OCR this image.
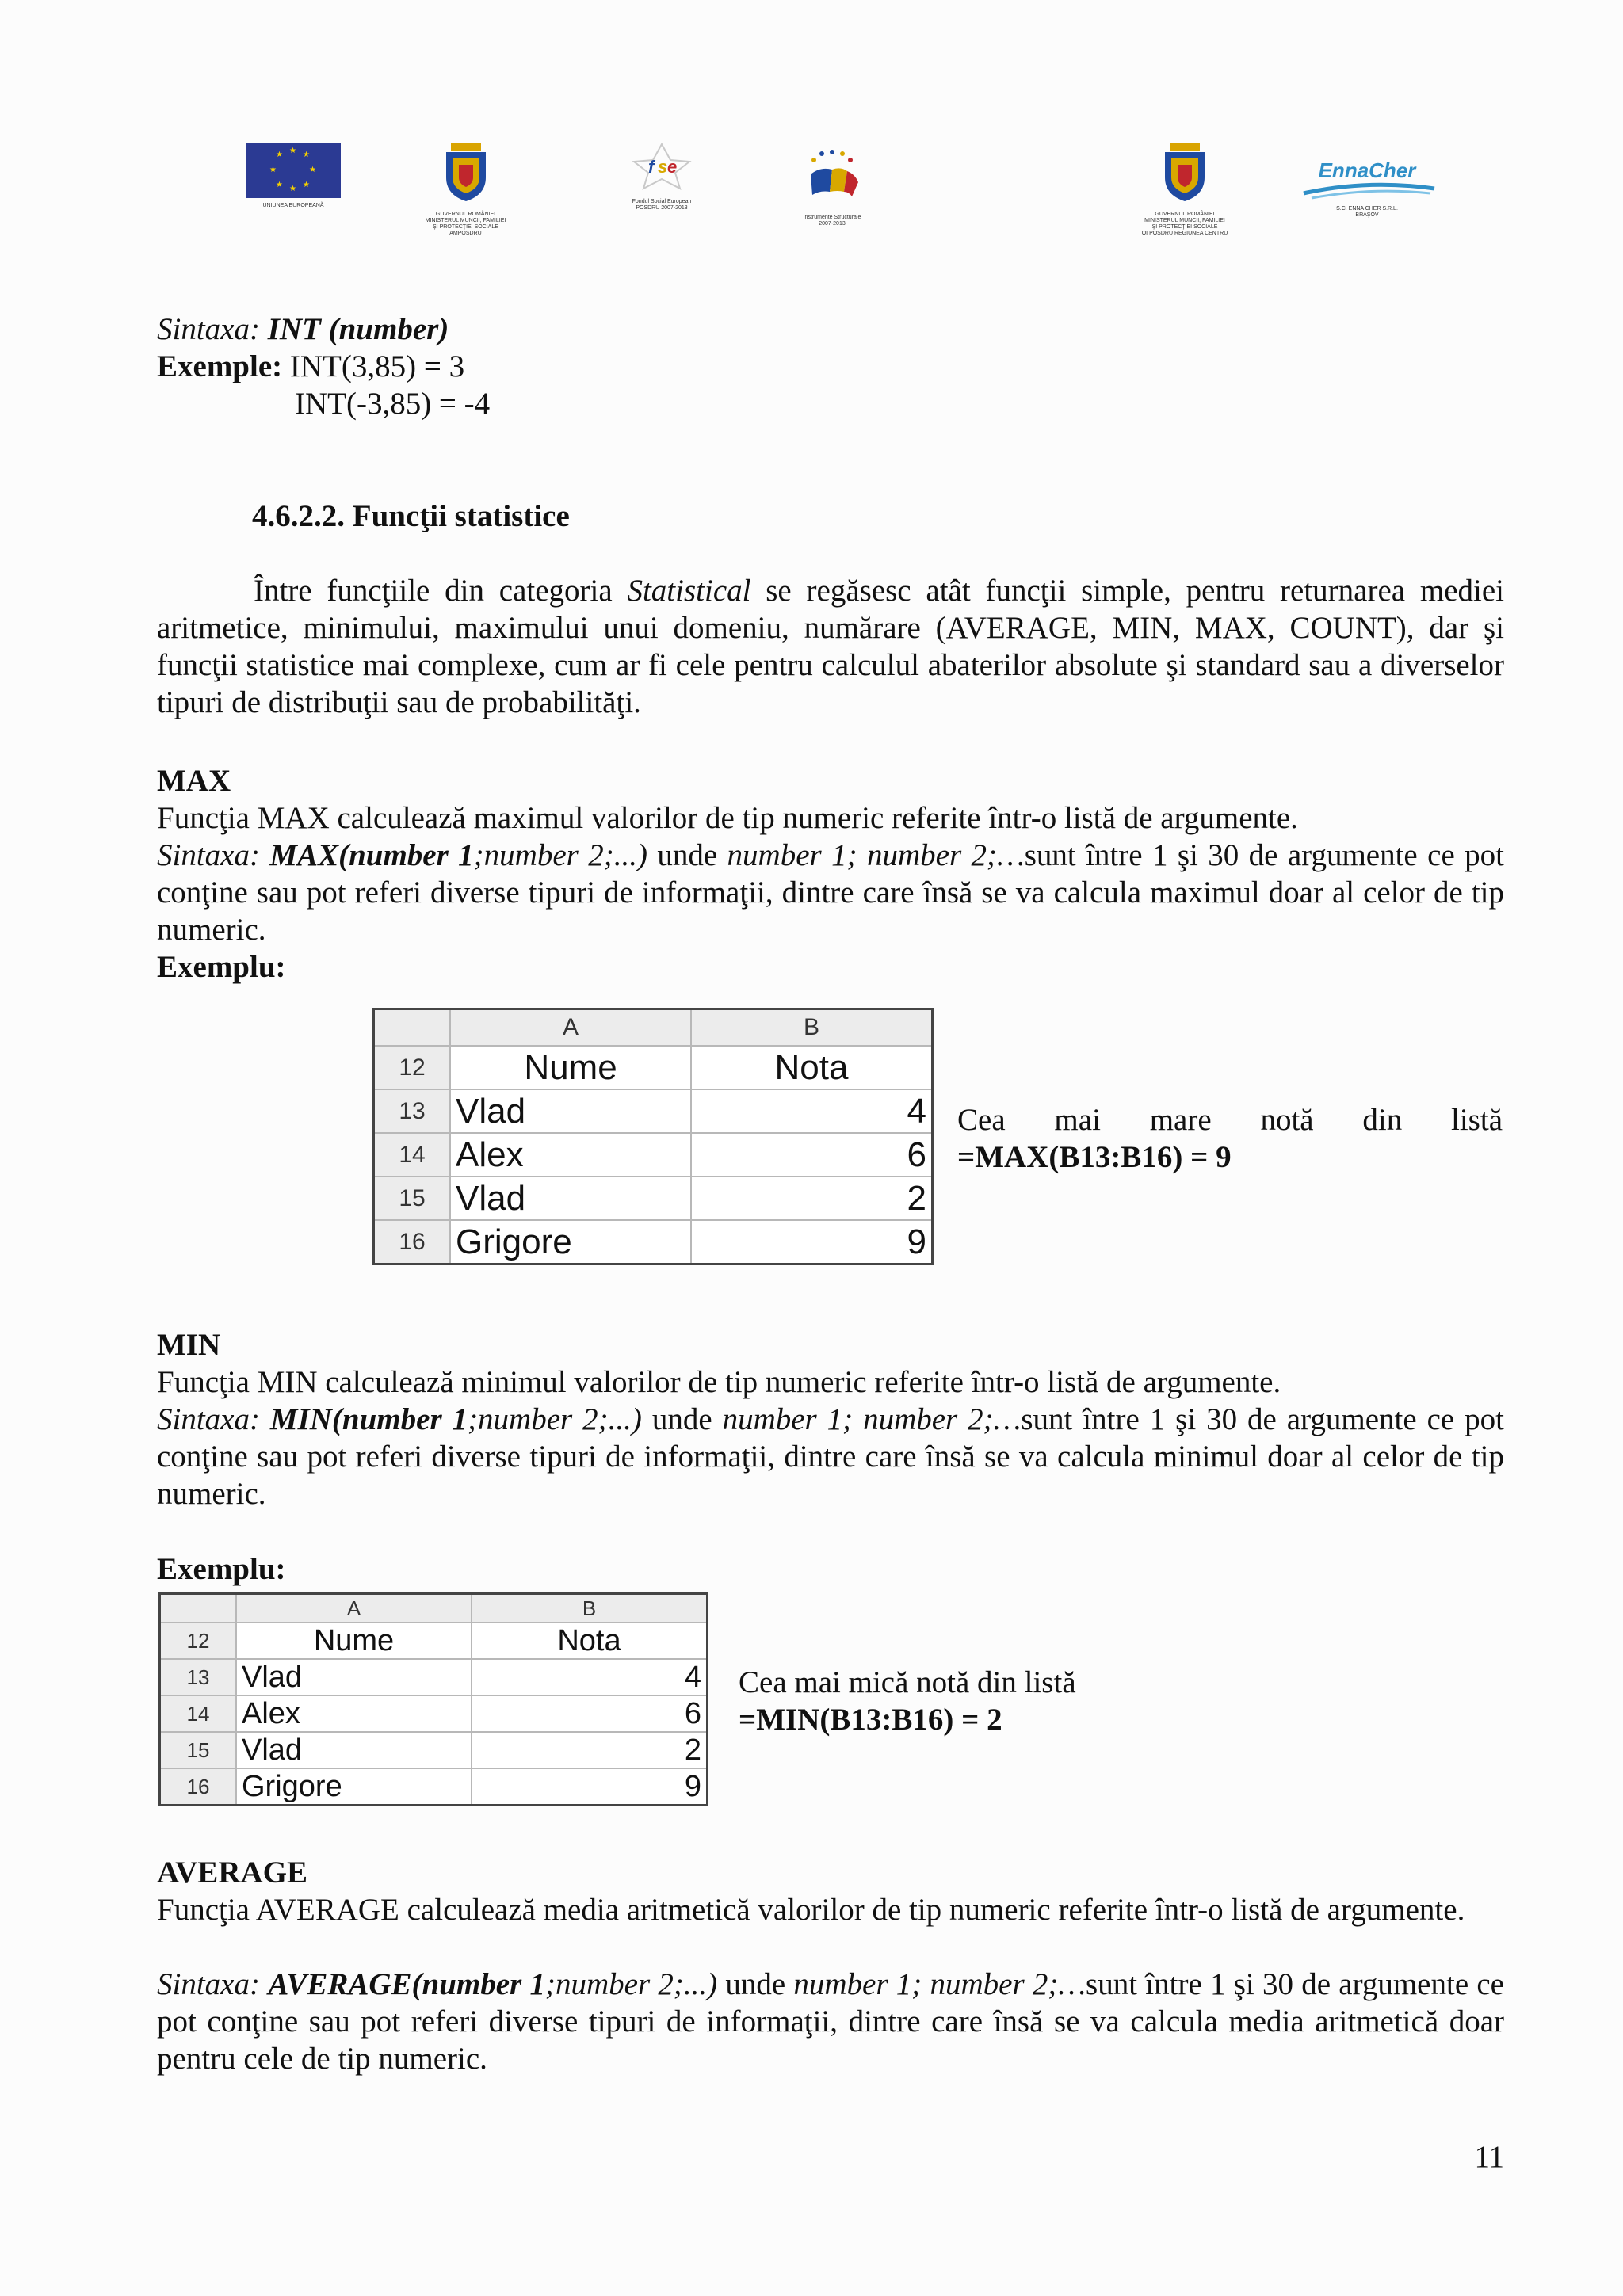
★ ★
★
★
★
★
★
★
UNIUNEA EUROPEANĂ
GUVERNUL ROMÂNIEI
MINISTERUL MUNCII, FAMILIEI
ŞI PROTECŢIEI SOCIALE
AMPOSDRU
f s e
Fondul Social European
POSDRU 2007-2013
Instrumente Structurale
2007-2013
GUVERNUL ROMÂNIEI
MINISTERUL MUNCII, FAMILIEI
ŞI PROTECŢIEI SOCIALE
OI POSDRU REGIUNEA CENTRU
EnnaCher
S.C. ENNA CHER S.R.L.
BRAŞOV

Sintaxa: INT (number)

Exemple: INT(3,85) = 3

INT(-3,85) = -4

4.6.2.2. Funcţii statistice

Între funcţiile din categoria Statistical se regăsesc atât funcţii simple, pentru returnarea mediei aritmetice, minimului, maximului unui domeniu, numărare (AVERAGE, MIN, MAX, COUNT), dar şi funcţii statistice mai complexe, cum ar fi cele pentru calculul abaterilor absolute şi standard sau a diverselor tipuri de distribuţii sau de probabilităţi.

MAX

Funcţia MAX calculează maximul valorilor de tip numeric referite într-o listă de argumente.

Sintaxa: MAX(number 1;number 2;...) unde number 1; number 2;…sunt între 1 şi 30 de argumente ce pot conţine sau pot referi diverse tipuri de informaţii, dintre care însă se va calcula maximul doar al celor de tip numeric.

Exemplu:

	A	B
12	Nume	Nota
13	Vlad	4
14	Alex	6
15	Vlad	2
16	Grigore	9

Cea mai mare notă din listă

=MAX(B13:B16) = 9

MIN

Funcţia MIN calculează minimul valorilor de tip numeric referite într-o listă de argumente.

Sintaxa: MIN(number 1;number 2;...) unde number 1; number 2;…sunt între 1 şi 30 de argumente ce pot conţine sau pot referi diverse tipuri de informaţii, dintre care însă se va calcula minimul doar al celor de tip numeric.

Exemplu:

	A	B
12	Nume	Nota
13	Vlad	4
14	Alex	6
15	Vlad	2
16	Grigore	9

Cea mai mică notă din listă

=MIN(B13:B16) = 2

AVERAGE

Funcţia AVERAGE calculează media aritmetică valorilor de tip numeric referite într-o listă de argumente.

Sintaxa: AVERAGE(number 1;number 2;...) unde number 1; number 2;…sunt între 1 şi 30 de argumente ce pot conţine sau pot referi diverse tipuri de informaţii, dintre care însă se va calcula media aritmetică doar pentru cele de tip numeric.

11
